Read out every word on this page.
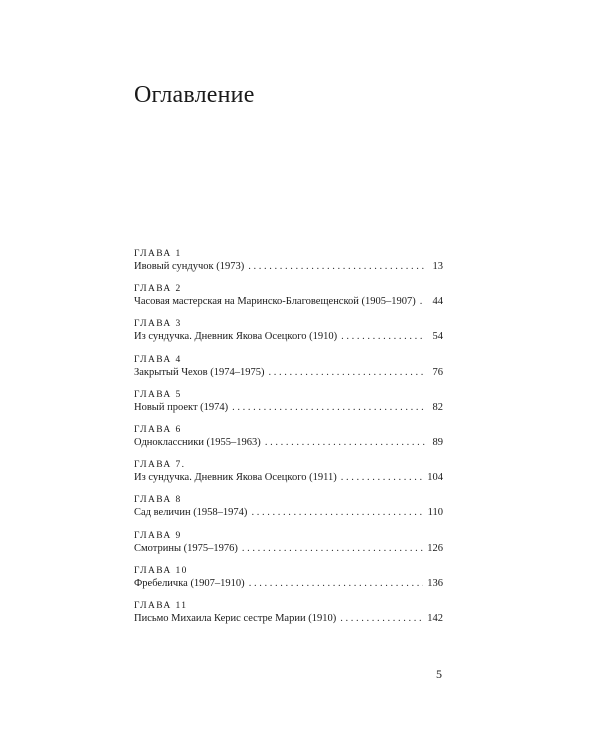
Оглавление
ГЛАВА 1
Ивовый сундучок (1973) . . .	13
ГЛАВА 2
Часовая мастерская на Маринско-Благовещенской (1905–1907) . . .	44
ГЛАВА 3
Из сундучка. Дневник Якова Осецкого (1910) . . .	54
ГЛАВА 4
Закрытый Чехов (1974–1975) . . .	76
ГЛАВА 5
Новый проект (1974) . . .	82
ГЛАВА 6
Одноклассники (1955–1963) . . .	89
ГЛАВА 7.
Из сундучка. Дневник Якова Осецкого (1911) . . .	104
ГЛАВА 8
Сад величин (1958–1974) . . .	110
ГЛАВА 9
Смотрины (1975–1976) . . .	126
ГЛАВА 10
Фребеличка (1907–1910) . . .	136
ГЛАВА 11
Письмо Михаила Керис сестре Марии (1910) . . .	142
5
